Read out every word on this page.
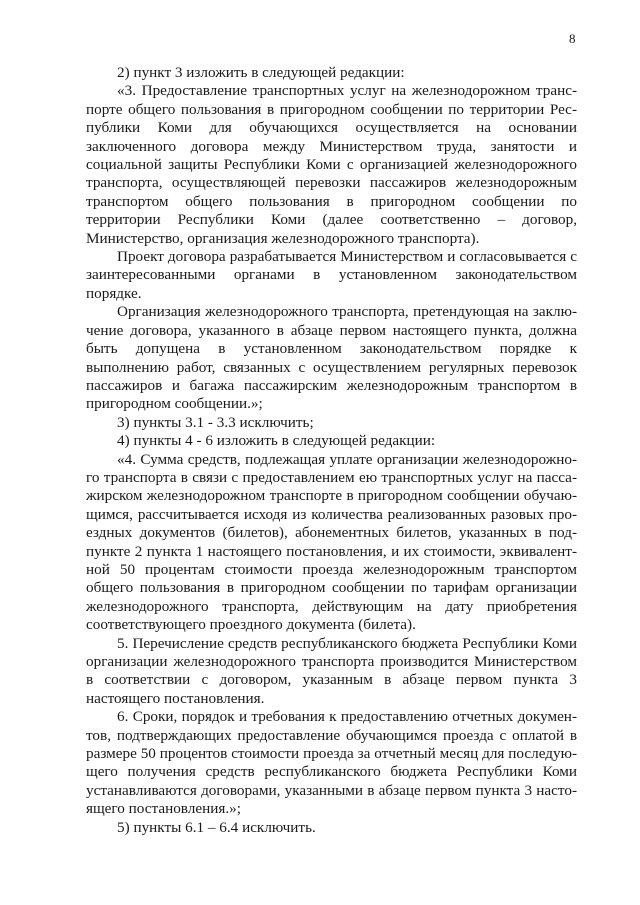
8

2) пункт 3 изложить в следующей редакции:

«3. Предоставление транспортных услуг на железнодорожном транспорте общего пользования в пригородном сообщении по территории Республики Коми для обучающихся осуществляется на основании заключенного договора между Министерством труда, занятости и социальной защиты Республики Коми с организацией железнодорожного транспорта, осуществляющей перевозки пассажиров железнодорожным транспортом общего пользования в пригородном сообщении по территории Республики Коми (далее соответственно – договор, Министерство, организация железнодорожного транспорта).

Проект договора разрабатывается Министерством и согласовывается с заинтересованными органами в установленном законодательством порядке.

Организация железнодорожного транспорта, претендующая на заключение договора, указанного в абзаце первом настоящего пункта, должна быть допущена в установленном законодательством порядке к выполнению работ, связанных с осуществлением регулярных перевозок пассажиров и багажа пассажирским железнодорожным транспортом в пригородном сообщении.»;

3) пункты 3.1 - 3.3 исключить;

4) пункты 4 - 6 изложить в следующей редакции:

«4. Сумма средств, подлежащая уплате организации железнодорожного транспорта в связи с предоставлением ею транспортных услуг на пассажирском железнодорожном транспорте в пригородном сообщении обучающимся, рассчитывается исходя из количества реализованных разовых проездных документов (билетов), абонементных билетов, указанных в подпункте 2 пункта 1 настоящего постановления, и их стоимости, эквивалентной 50 процентам стоимости проезда железнодорожным транспортом общего пользования в пригородном сообщении по тарифам организации железнодорожного транспорта, действующим на дату приобретения соответствующего проездного документа (билета).

5. Перечисление средств республиканского бюджета Республики Коми организации железнодорожного транспорта производится Министерством в соответствии с договором, указанным в абзаце первом пункта 3 настоящего постановления.

6. Сроки, порядок и требования к предоставлению отчетных документов, подтверждающих предоставление обучающимся проезда с оплатой в размере 50 процентов стоимости проезда за отчетный месяц для последующего получения средств республиканского бюджета Республики Коми устанавливаются договорами, указанными в абзаце первом пункта 3 настоящего постановления.»;

5) пункты 6.1 – 6.4 исключить.
